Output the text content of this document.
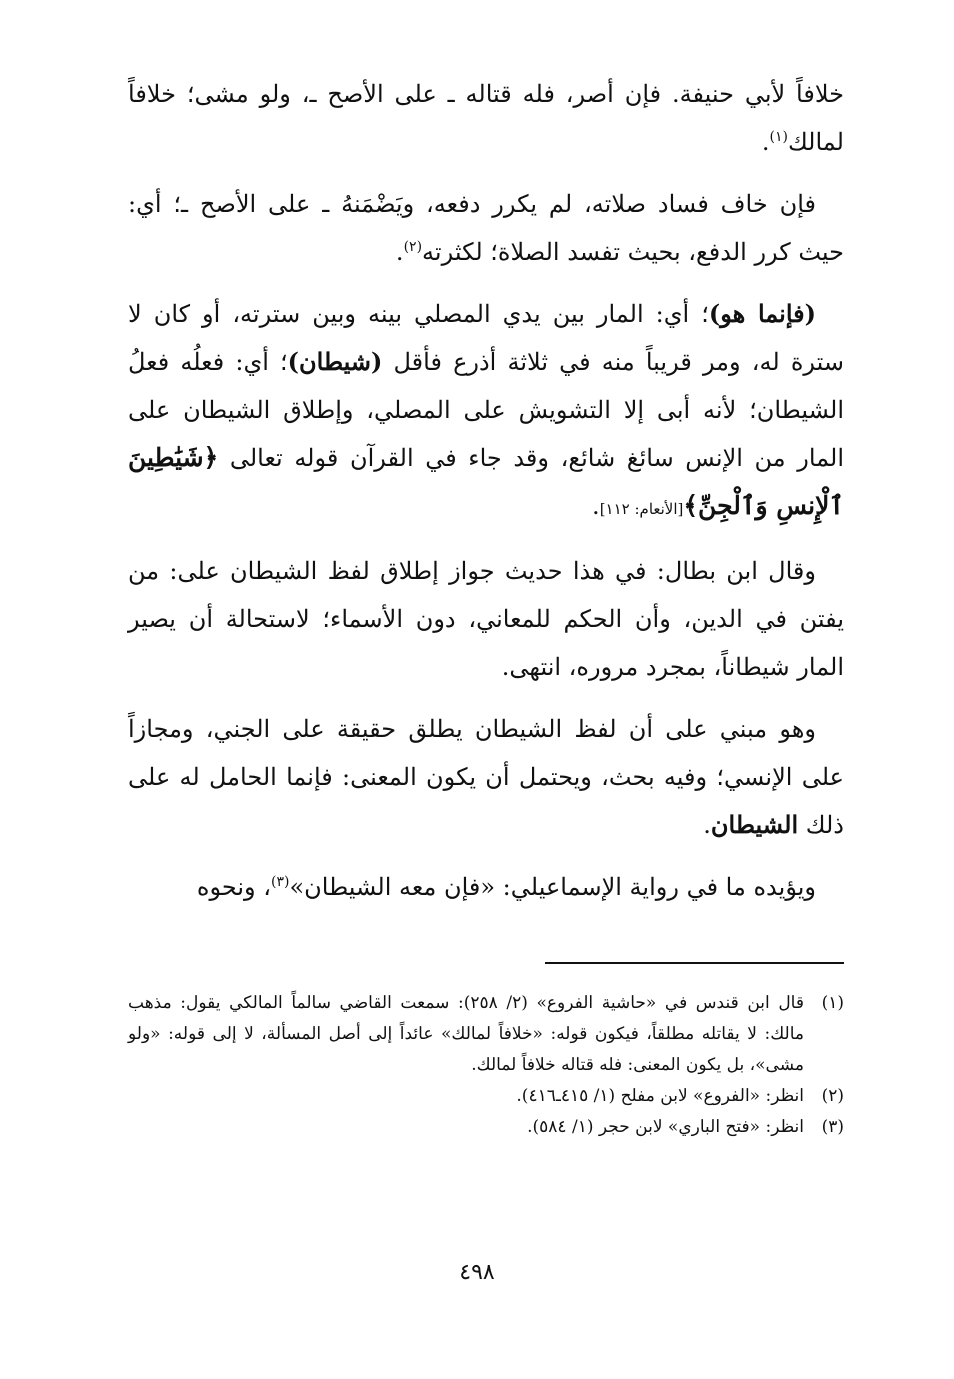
خلافاً لأبي حنيفة. فإن أصر، فله قتاله ـ على الأصح ـ، ولو مشى؛ خلافاً لمالك$^{(١)}$.

فإن خاف فساد صلاته، لم يكرر دفعه، ويَضْمَنهُ ـ على الأصح ـ؛ أي: حيث كرر الدفع، بحيث تفسد الصلاة؛ لكثرته$^{(٢)}$.

(فإنما هو)؛ أي: المار بين يدي المصلي بينه وبين سترته، أو كان لا سترة له، ومر قريباً منه في ثلاثة أذرع فأقل (شيطان)؛ أي: فعلُه فعلُ الشيطان؛ لأنه أبى إلا التشويش على المصلي، وإطلاق الشيطان على المار من الإنس سائغ شائع، وقد جاء في القرآن قوله تعالى ﴿شَيَٰطِينَ ٱلْإِنسِ وَٱلْجِنِّ﴾[الأنعام: ١١٢].

وقال ابن بطال: في هذا حديث جواز إطلاق لفظ الشيطان على: من يفتن في الدين، وأن الحكم للمعاني، دون الأسماء؛ لاستحالة أن يصير المار شيطاناً، بمجرد مروره، انتهى.

وهو مبني على أن لفظ الشيطان يطلق حقيقة على الجني، ومجازاً على الإنسي؛ وفيه بحث، ويحتمل أن يكون المعنى: فإنما الحامل له على ذلك الشيطان.

ويؤيده ما في رواية الإسماعيلي: «فإن معه الشيطان»$^{(٣)}$، ونحوه

(١)
قال ابن قندس في «حاشية الفروع» (٢/ ٢٥٨): سمعت القاضي سالماً المالكي يقول: مذهب مالك: لا يقاتله مطلقاً، فيكون قوله: «خلافاً لمالك» عائداً إلى أصل المسألة، لا إلى قوله: «ولو مشى»، بل يكون المعنى: فله قتاله خلافاً لمالك.
(٢)
انظر: «الفروع» لابن مفلح (١/ ٤١٥ـ٤١٦).
(٣)
انظر: «فتح الباري» لابن حجر (١/ ٥٨٤).
٤٩٨
